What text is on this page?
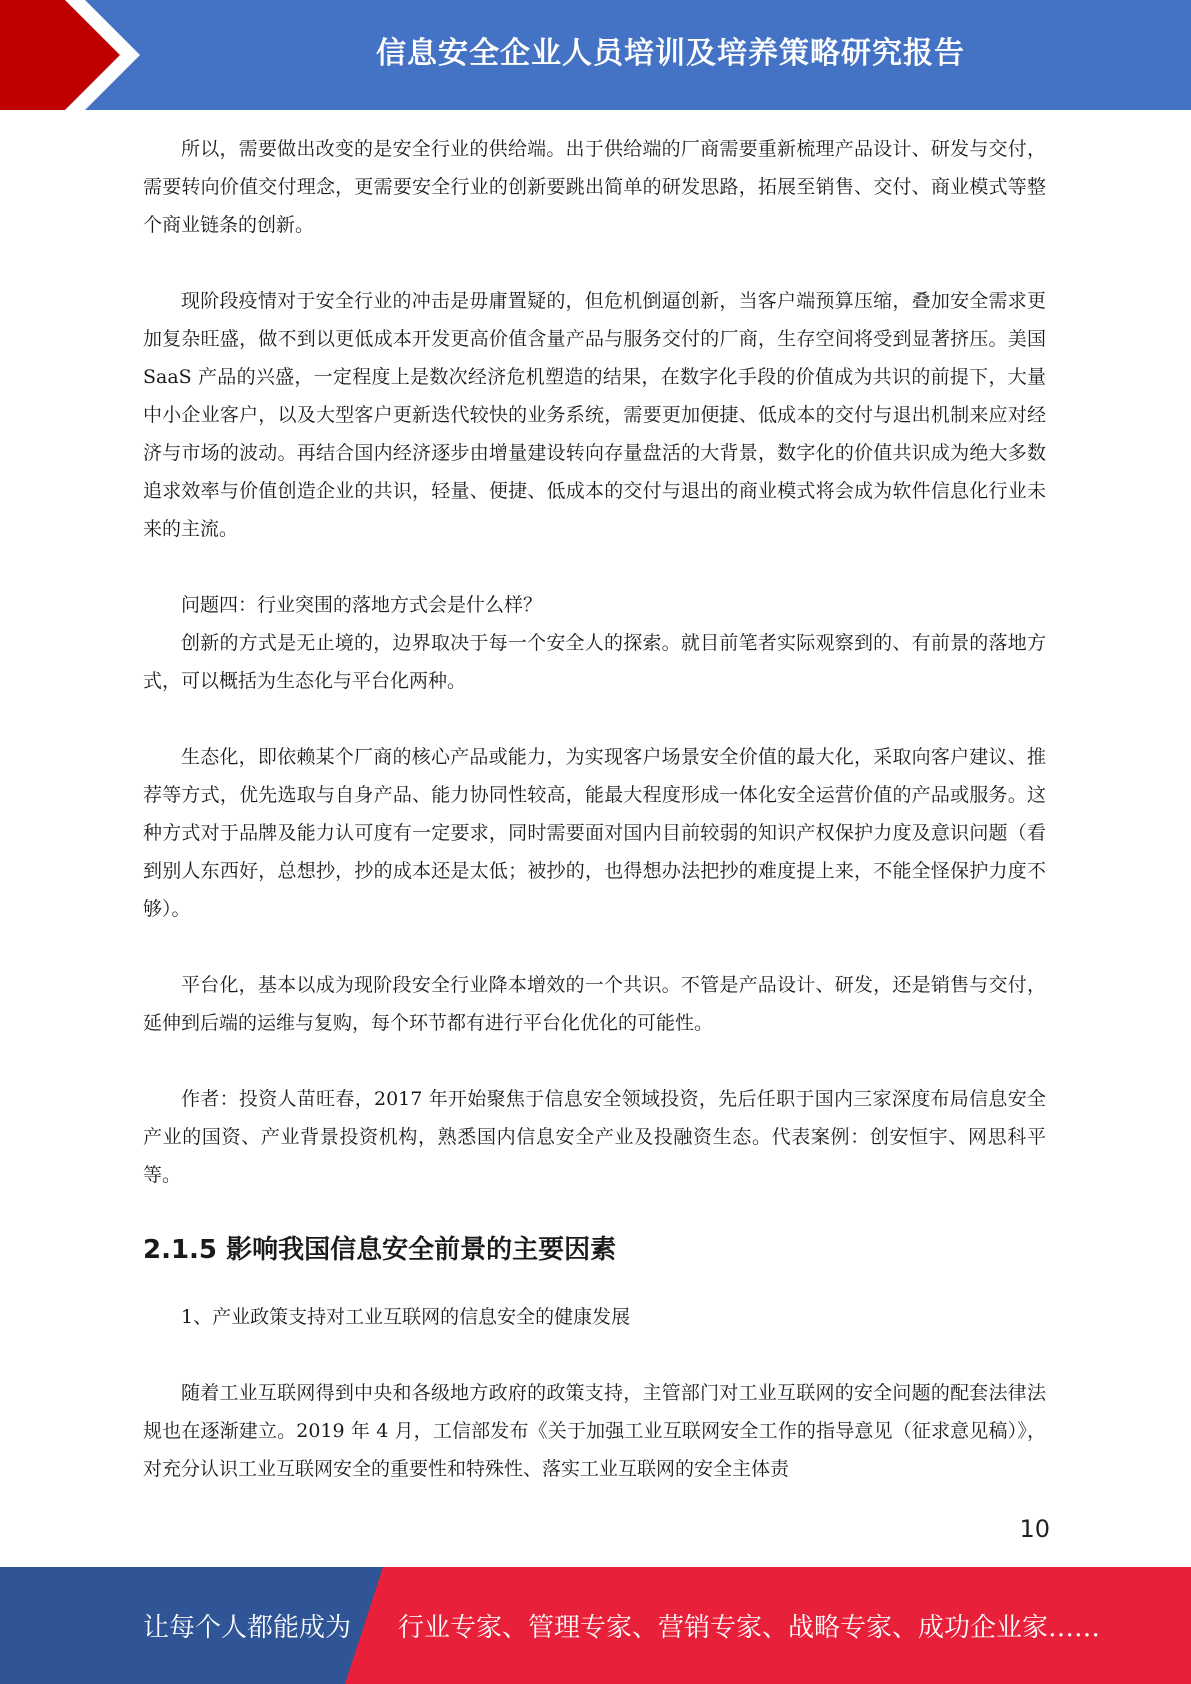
信息安全企业人员培训及培养策略研究报告

所以，需要做出改变的是安全行业的供给端。出于供给端的厂商需要重新梳理产品设计、研发与交付，需要转向价值交付理念，更需要安全行业的创新要跳出简单的研发思路，拓展至销售、交付、商业模式等整个商业链条的创新。

现阶段疫情对于安全行业的冲击是毋庸置疑的，但危机倒逼创新，当客户端预算压缩，叠加安全需求更加复杂旺盛，做不到以更低成本开发更高价值含量产品与服务交付的厂商，生存空间将受到显著挤压。美国 SaaS 产品的兴盛，一定程度上是数次经济危机塑造的结果，在数字化手段的价值成为共识的前提下，大量中小企业客户，以及大型客户更新迭代较快的业务系统，需要更加便捷、低成本的交付与退出机制来应对经济与市场的波动。再结合国内经济逐步由增量建设转向存量盘活的大背景，数字化的价值共识成为绝大多数追求效率与价值创造企业的共识，轻量、便捷、低成本的交付与退出的商业模式将会成为软件信息化行业未来的主流。

问题四：行业突围的落地方式会是什么样？

创新的方式是无止境的，边界取决于每一个安全人的探索。就目前笔者实际观察到的、有前景的落地方式，可以概括为生态化与平台化两种。

生态化，即依赖某个厂商的核心产品或能力，为实现客户场景安全价值的最大化，采取向客户建议、推荐等方式，优先选取与自身产品、能力协同性较高，能最大程度形成一体化安全运营价值的产品或服务。这种方式对于品牌及能力认可度有一定要求，同时需要面对国内目前较弱的知识产权保护力度及意识问题（看到别人东西好，总想抄，抄的成本还是太低；被抄的，也得想办法把抄的难度提上来，不能全怪保护力度不够）。

平台化，基本以成为现阶段安全行业降本增效的一个共识。不管是产品设计、研发，还是销售与交付，延伸到后端的运维与复购，每个环节都有进行平台化优化的可能性。

作者：投资人苗旺春，2017 年开始聚焦于信息安全领域投资，先后任职于国内三家深度布局信息安全产业的国资、产业背景投资机构，熟悉国内信息安全产业及投融资生态。代表案例：创安恒宇、网思科平等。

2.1.5 影响我国信息安全前景的主要因素

1、产业政策支持对工业互联网的信息安全的健康发展

随着工业互联网得到中央和各级地方政府的政策支持，主管部门对工业互联网的安全问题的配套法律法规也在逐渐建立。2019 年 4 月，工信部发布《关于加强工业互联网安全工作的指导意见（征求意见稿）》，对充分认识工业互联网安全的重要性和特殊性、落实工业互联网的安全主体责

10
让每个人都能成为 行业专家、管理专家、营销专家、战略专家、成功企业家……
